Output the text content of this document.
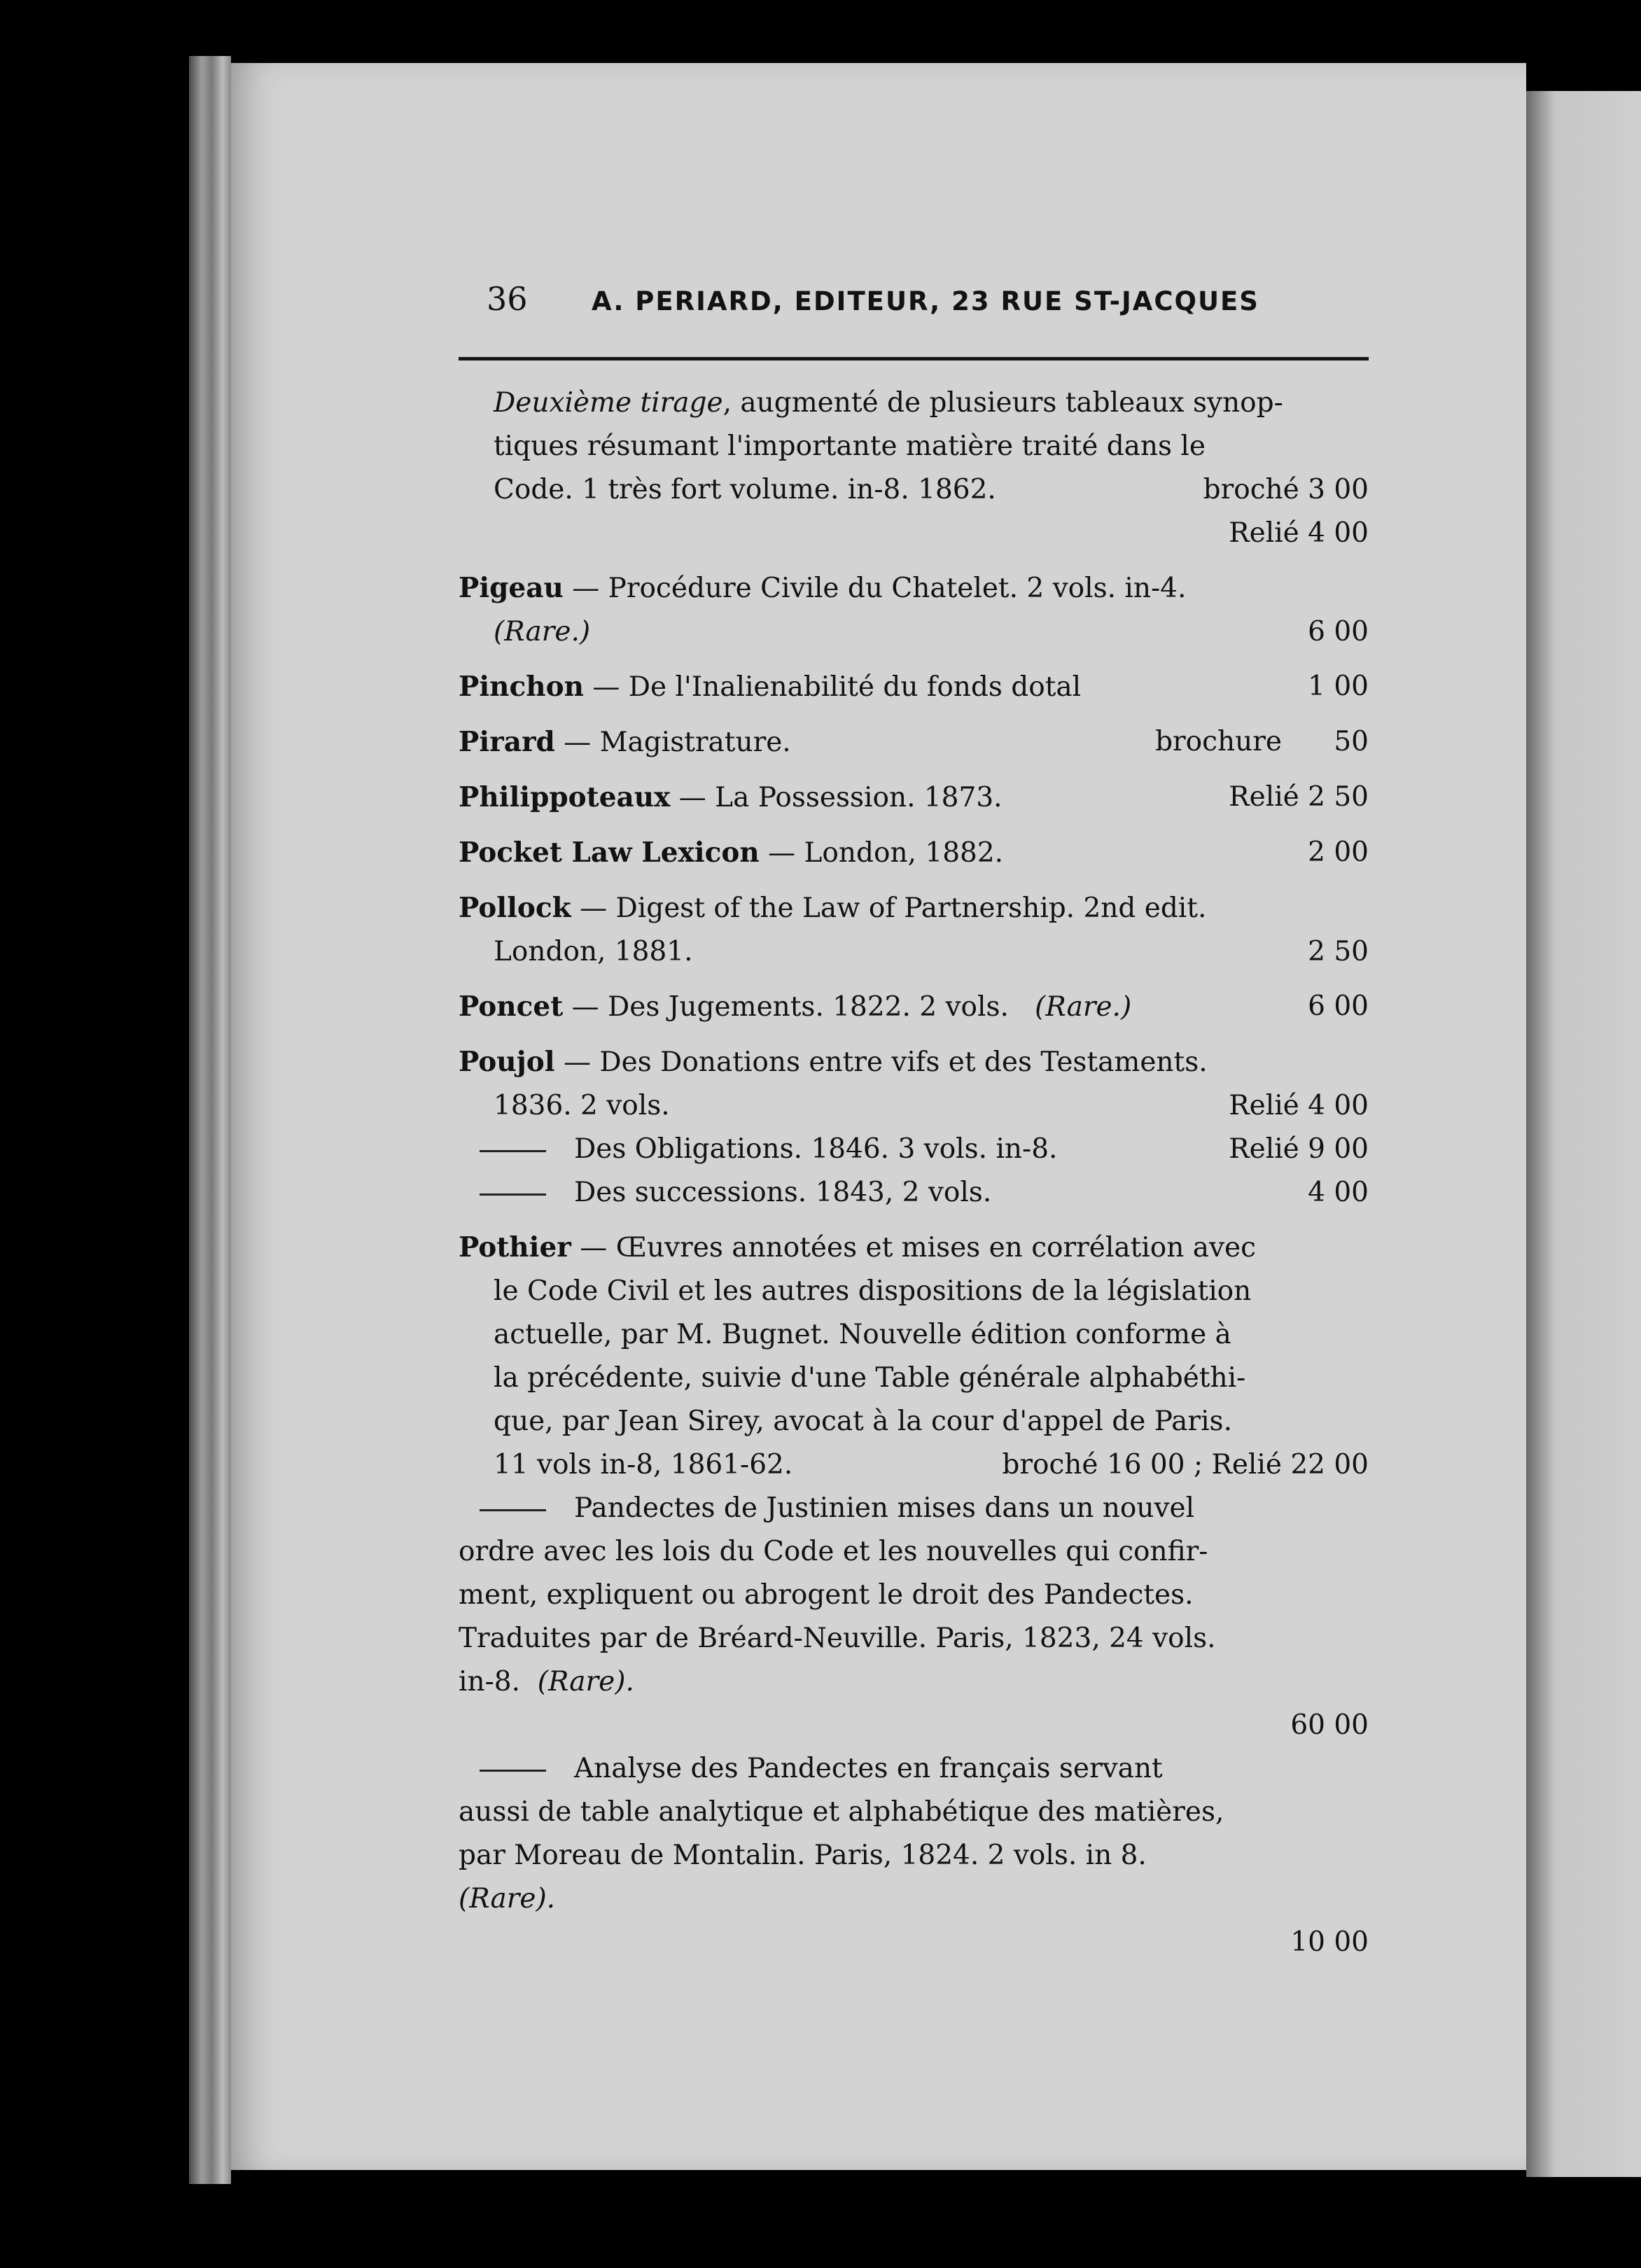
36	A. PERIARD, EDITEUR, 23 RUE ST-JACQUES
Deuxième tirage, augmenté de plusieurs tableaux synop-
tiques résumant l'importante matière traité dans le
Code. 1 très fort volume. in-8. 1862.	broché 3 00
Relié 4 00
Pigeau — Procédure Civile du Chatelet. 2 vols. in-4.
(Rare.)	6 00
Pinchon — De l'Inalienabilité du fonds dotal	1 00
Pirard — Magistrature.	brochure 50
Philippoteaux — La Possession. 1873.	Relié 2 50
Pocket Law Lexicon — London, 1882.	2 00
Pollock — Digest of the Law of Partnership. 2nd edit.
London, 1881.	2 50
Poncet — Des Jugements. 1822. 2 vols. (Rare.)	6 00
Poujol — Des Donations entre vifs et des Testaments.
1836. 2 vols.	Relié 4 00
Des Obligations. 1846. 3 vols. in-8.	Relié 9 00
Des successions. 1843, 2 vols.	4 00
Pothier — Œuvres annotées et mises en corrélation avec
le Code Civil et les autres dispositions de la législation
actuelle, par M. Bugnet. Nouvelle édition conforme à
la précédente, suivie d'une Table générale alphabéthi-
que, par Jean Sirey, avocat à la cour d'appel de Paris.
11 vols in-8, 1861-62.	broché 16 00 ; Relié 22 00
Pandectes de Justinien mises dans un nouvel
ordre avec les lois du Code et les nouvelles qui confir-
ment, expliquent ou abrogent le droit des Pandectes.
Traduites par de Bréard-Neuville. Paris, 1823, 24 vols.
in-8. (Rare).
60 00
Analyse des Pandectes en français servant
aussi de table analytique et alphabétique des matières,
par Moreau de Montalin. Paris, 1824. 2 vols. in 8.
(Rare).
10 00
